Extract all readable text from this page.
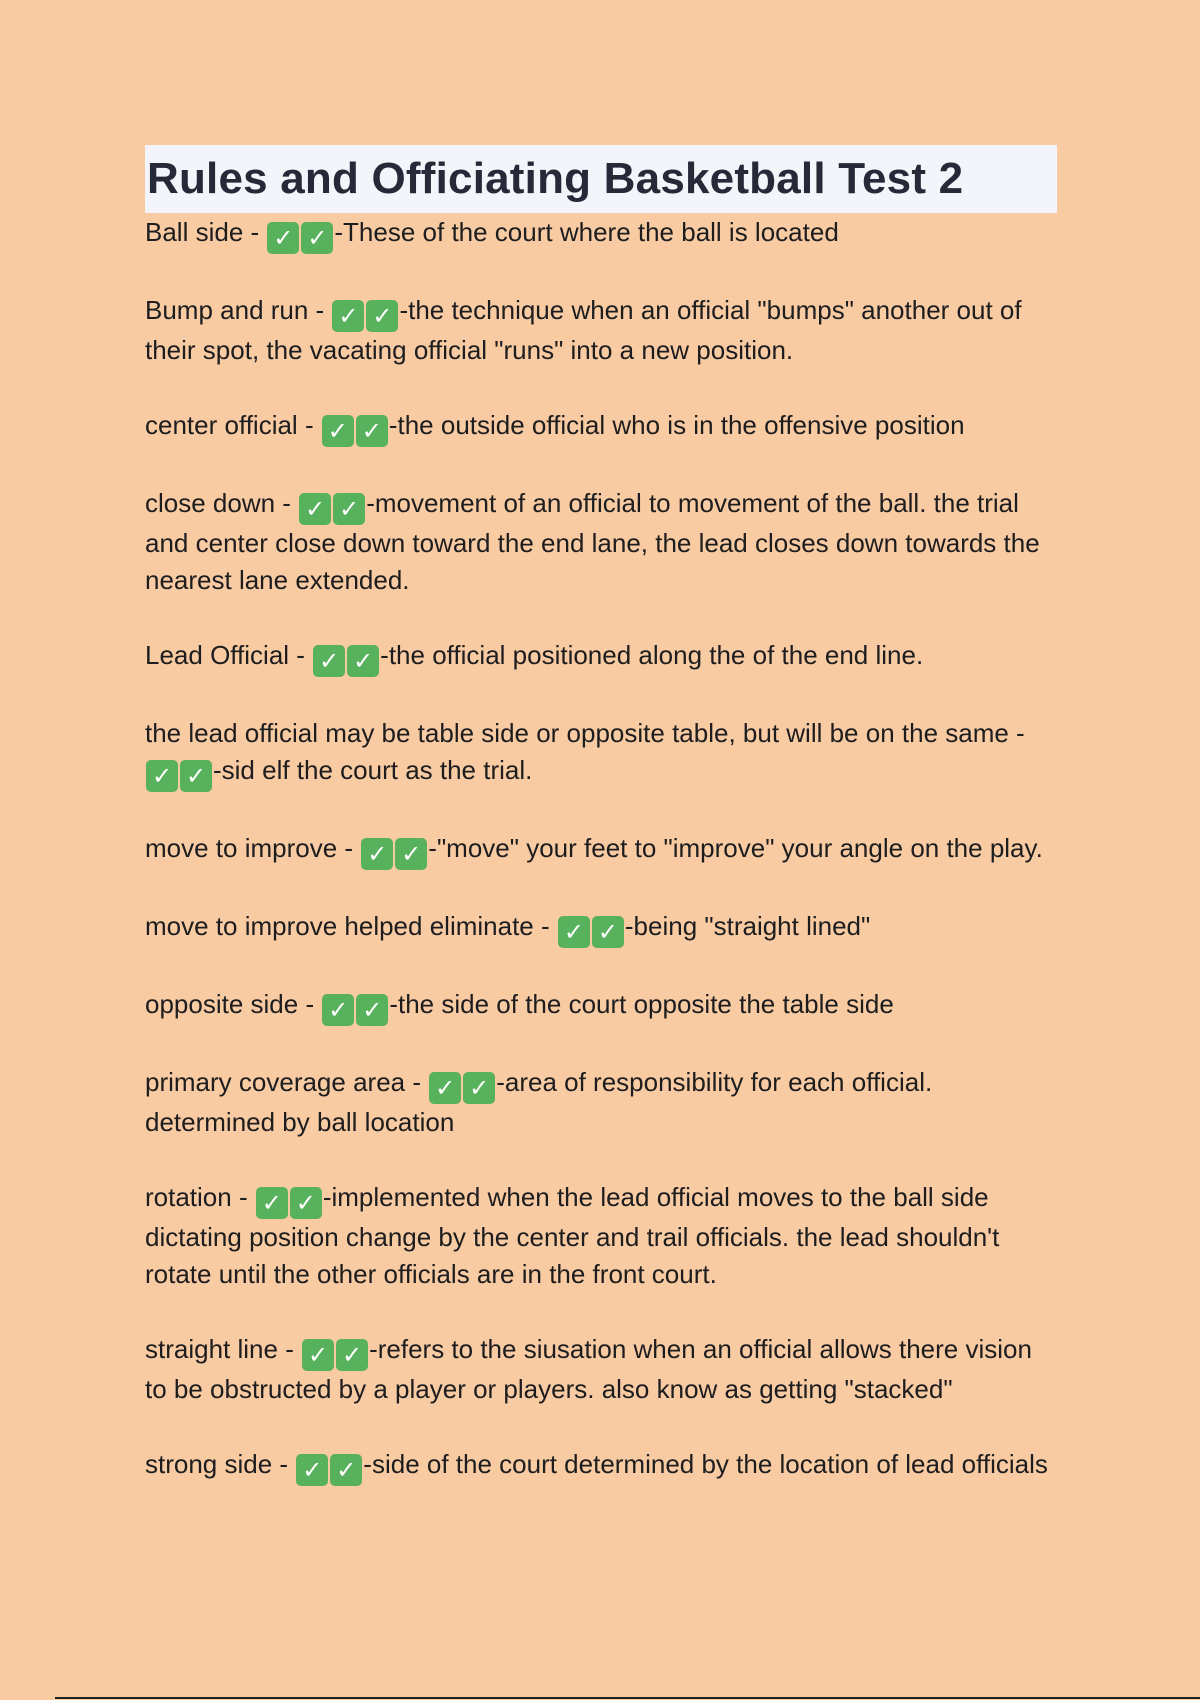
Rules and Officiating Basketball Test 2

Ball side - ✓ ✓ -These of the court where the ball is located

Bump and run - ✓ ✓ -the technique when an official "bumps" another out of their spot, the vacating official "runs" into a new position.

center official - ✓ ✓ -the outside official who is in the offensive position

close down - ✓ ✓ -movement of an official to movement of the ball. the trial and center close down toward the end lane, the lead closes down towards the nearest lane extended.

Lead Official - ✓ ✓ -the official positioned along the of the end line.

the lead official may be table side or opposite table, but will be on the same -
✓ ✓ -sid elf the court as the trial.

move to improve - ✓ ✓ -"move" your feet to "improve" your angle on the play.

move to improve helped eliminate - ✓ ✓ -being "straight lined"

opposite side - ✓ ✓ -the side of the court opposite the table side

primary coverage area - ✓ ✓ -area of responsibility for each official. determined by ball location

rotation - ✓ ✓ -implemented when the lead official moves to the ball side dictating position change by the center and trail officials. the lead shouldn't rotate until the other officials are in the front court.

straight line - ✓ ✓ -refers to the siusation when an official allows there vision to be obstructed by a player or players. also know as getting "stacked"

strong side - ✓ ✓ -side of the court determined by the location of lead officials
